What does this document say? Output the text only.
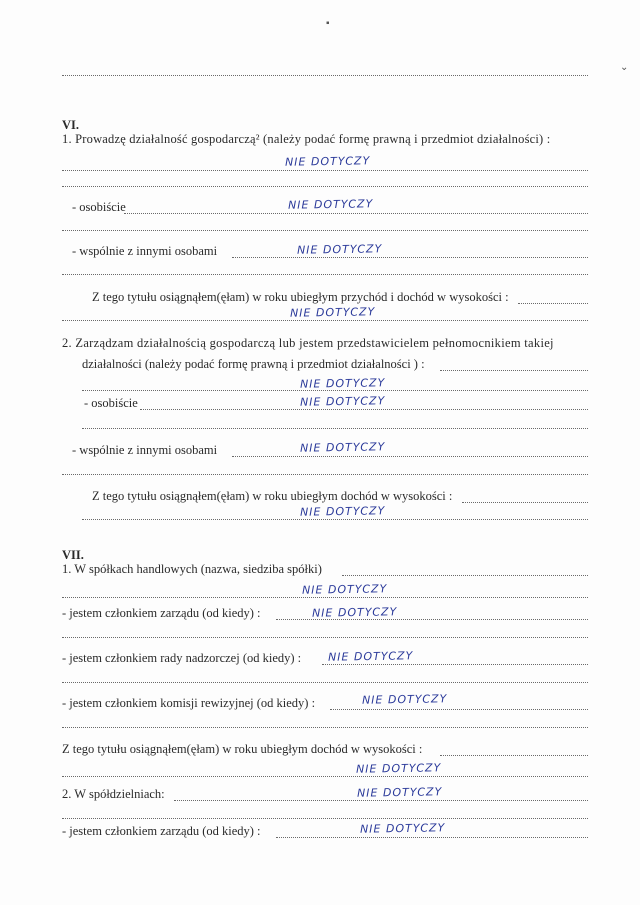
▪
⌄
VI.
1. Prowadzę działalność gospodarczą² (należy podać formę prawną i przedmiot działalności) :
NIE DOTYCZY
- osobiście	NIE DOTYCZY
- wspólnie z innymi osobami	NIE DOTYCZY
Z tego tytułu osiągnąłem(ęłam) w roku ubiegłym przychód i dochód w wysokości :
NIE DOTYCZY
2. Zarządzam działalnością gospodarczą lub jestem przedstawicielem pełnomocnikiem takiej
działalności (należy podać formę prawną i przedmiot działalności ) :
NIE DOTYCZY
- osobiście	NIE DOTYCZY
- wspólnie z innymi osobami	NIE DOTYCZY
Z tego tytułu osiągnąłem(ęłam) w roku ubiegłym dochód w wysokości :
NIE DOTYCZY
VII.
1. W spółkach handlowych (nazwa, siedziba spółki)
NIE DOTYCZY
- jestem członkiem zarządu (od kiedy) :	NIE DOTYCZY
- jestem członkiem rady nadzorczej (od kiedy) :	NIE DOTYCZY
- jestem członkiem komisji rewizyjnej (od kiedy) :	NIE DOTYCZY
Z tego tytułu osiągnąłem(ęłam) w roku ubiegłym dochód w wysokości :
NIE DOTYCZY
2. W spółdzielniach:	NIE DOTYCZY
- jestem członkiem zarządu (od kiedy) :	NIE DOTYCZY
